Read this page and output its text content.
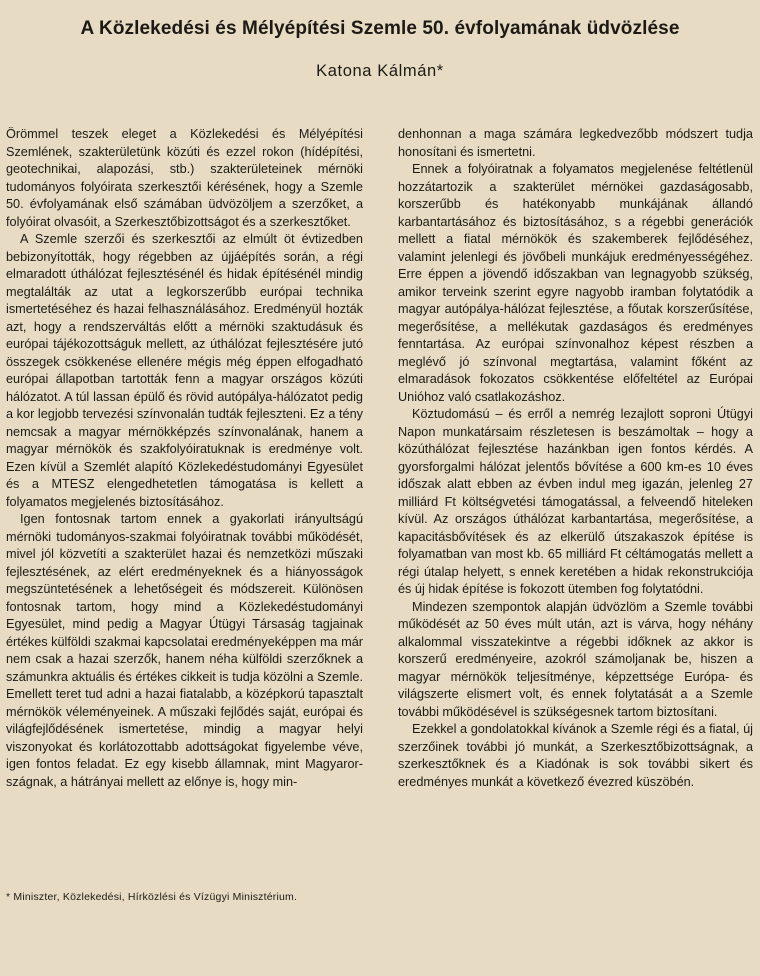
A Közlekedési és Mélyépítési Szemle 50. évfolyamának üdvözlése
Katona Kálmán*

Örömmel teszek eleget a Közlekedési és Mélyépítési Szemlének, szakterületünk közúti és ezzel rokon (hídépítési, geotechnikai, alapozási, stb.) szakterületeinek mérnöki tudományos folyóirata szerkesztői kérésének, hogy a Szemle 50. évfolyamának első számában üdvözöljem a szerzőket, a folyóirat olvasóit, a Szerkesztőbizottságot és a szerkesztőket.

A Szemle szerzői és szerkesztői az elmúlt öt évtizedben bebizonyították, hogy régebben az újjáépítés során, a régi elmaradott úthálózat fejlesztésénél és hidak építésénél mindig megtalálták az utat a legkorszerűbb európai technika ismertetéséhez és hazai felhasználásához. Eredményül hozták azt, hogy a rendszerváltás előtt a mérnöki szaktudásuk és európai tájékozottságuk mellett, az úthálózat fejlesztésére jutó összegek csökkenése ellenére mégis még éppen elfogadható európai állapotban tartották fenn a magyar országos közúti hálózatot. A túl lassan épülő és rövid autópálya-hálózatot pedig a kor legjobb tervezési színvonalán tudták fejleszteni. Ez a tény nemcsak a magyar mérnökképzés színvonalának, hanem a magyar mérnökök és szakfolyóiratuknak is eredménye volt. Ezen kívül a Szemlét alapító Közlekedéstudományi Egyesület és a MTESZ elengedhetetlen támogatása is kellett a folyamatos megjelenés biztosításához.

Igen fontosnak tartom ennek a gyakorlati irányultságú mérnöki tudományos-szakmai folyóiratnak további működését, mivel jól közvetíti a szakterület hazai és nemzetközi műszaki fejlesztésének, az elért eredményeknek és a hiányosságok megszüntetésének a lehetőségeit és módszereit. Különösen fontosnak tartom, hogy mind a Közlekedéstudományi Egyesület, mind pedig a Magyar Útügyi Társaság tagjainak értékes külföldi szakmai kapcsolatai eredményeképpen ma már nem csak a hazai szerzők, hanem néha külföldi szerzőknek a számunkra aktuális és értékes cikkeit is tudja közölni a Szemle. Emellett teret tud adni a hazai fiatalabb, a középkorú tapasztalt mérnökök véleményeinek. A műszaki fejlődés saját, európai és világfejlődésének ismertetése, mindig a magyar helyi viszonyokat és korlátozottabb adottságokat figyelembe véve, igen fontos feladat. Ez egy kisebb államnak, mint Magyarországnak, a hátrányai mellett az előnye is, hogy min-

denhonnan a maga számára legkedvezőbb módszert tudja honosítani és ismertetni.

Ennek a folyóiratnak a folyamatos megjelenése feltétlenül hozzátartozik a szakterület mérnökei gazdaságosabb, korszerűbb és hatékonyabb munkájának állandó karbantartásához és biztosításához, s a régebbi generációk mellett a fiatal mérnökök és szakemberek fejlődéséhez, valamint jelenlegi és jövőbeli munkájuk eredményességéhez. Erre éppen a jövendő időszakban van legnagyobb szükség, amikor terveink szerint egyre nagyobb iramban folytatódik a magyar autópálya-hálózat fejlesztése, a főutak korszerűsítése, megerősítése, a mellékutak gazdaságos és eredményes fenntartása. Az európai színvonalhoz képest részben a meglévő jó színvonal megtartása, valamint főként az elmaradások fokozatos csökkentése előfeltétel az Európai Unióhoz való csatlakozáshoz.

Köztudomású – és erről a nemrég lezajlott soproni Útügyi Napon munkatársaim részletesen is beszámoltak – hogy a közúthálózat fejlesztése hazánkban igen fontos kérdés. A gyorsforgalmi hálózat jelentős bővítése a 600 km-es 10 éves időszak alatt ebben az évben indul meg igazán, jelenleg 27 milliárd Ft költségvetési támogatással, a felveendő hiteleken kívül. Az országos úthálózat karbantartása, megerősítése, a kapacitásbővítések és az elkerülő útszakaszok építése is folyamatban van most kb. 65 milliárd Ft céltámogatás mellett a régi útalap helyett, s ennek keretében a hidak rekonstrukciója és új hidak építése is fokozott ütemben fog folytatódni.

Mindezen szempontok alapján üdvözlöm a Szemle további működését az 50 éves múlt után, azt is várva, hogy néhány alkalommal visszatekintve a régebbi időknek az akkor is korszerű eredményeire, azokról számoljanak be, hiszen a magyar mérnökök teljesítménye, képzettsége Európa- és világszerte elismert volt, és ennek folytatását a a Szemle további működésével is szükségesnek tartom biztosítani.

Ezekkel a gondolatokkal kívánok a Szemle régi és a fiatal, új szerzőinek további jó munkát, a Szerkesztőbizottságnak, a szerkesztőknek és a Kiadónak is sok további sikert és eredményes munkát a következő évezred küszöbén.

* Miniszter, Közlekedési, Hírközlési és Vízügyi Minisztérium.
